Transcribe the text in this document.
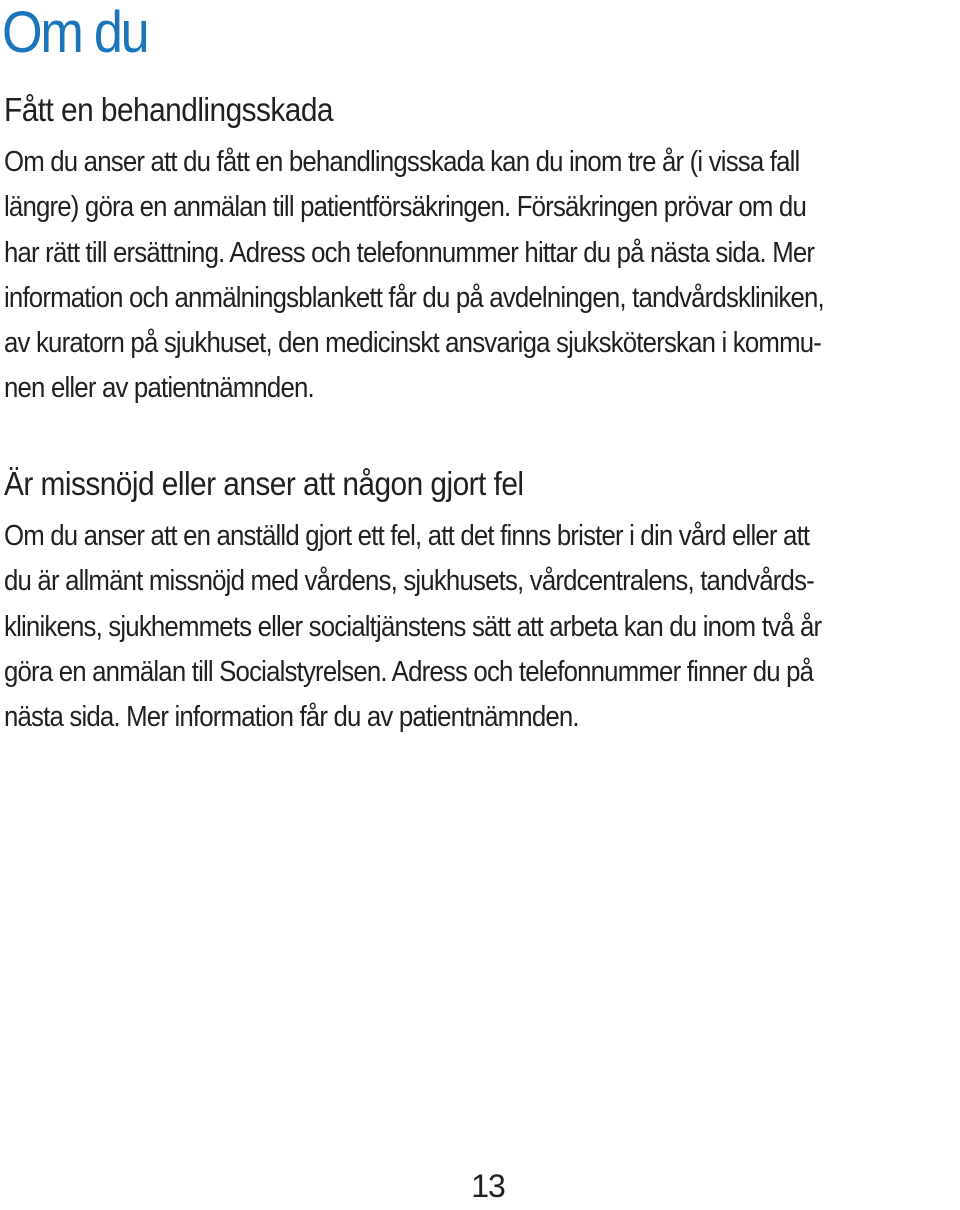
Om du
Fått en behandlingsskada

Om du anser att du fått en behandlingsskada kan du inom tre år (i vissa fall
längre) göra en anmälan till patientförsäkringen. Försäkringen prövar om du
har rätt till ersättning. Adress och telefonnummer hittar du på nästa sida. Mer
information och anmälningsblankett får du på avdelningen, tandvårdskliniken,
av kuratorn på sjukhuset, den medicinskt ansvariga sjuksköterskan i kommu-
nen eller av patientnämnden.

Är missnöjd eller anser att någon gjort fel

Om du anser att en anställd gjort ett fel, att det finns brister i din vård eller att
du är allmänt missnöjd med vårdens, sjukhusets, vårdcentralens, tandvårds-
klinikens, sjukhemmets eller socialtjänstens sätt att arbeta kan du inom två år
göra en anmälan till Socialstyrelsen. Adress och telefonnummer finner du på
nästa sida. Mer information får du av patientnämnden.

13
